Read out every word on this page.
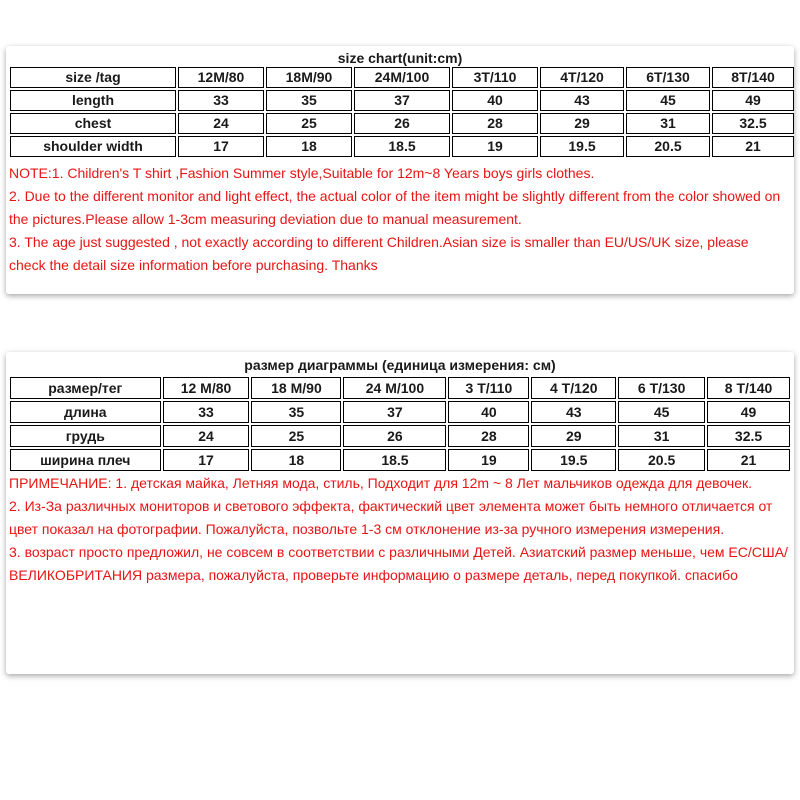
size chart(unit:cm)
size /tag	12M/80	18M/90	24M/100	3T/110	4T/120	6T/130	8T/140
length	33	35	37	40	43	45	49
chest	24	25	26	28	29	31	32.5
shoulder width	17	18	18.5	19	19.5	20.5	21

NOTE:1. Children's T shirt ,Fashion Summer style,Suitable for 12m~8 Years boys girls clothes.

2. Due to the different monitor and light effect, the actual color of the item might be slightly different from the color showed on the pictures.Please allow 1-3cm measuring deviation due to manual measurement.

3. The age just suggested , not exactly according to different Children.Asian size is smaller than EU/US/UK size, please check the detail size information before purchasing. Thanks

размер диаграммы (единица измерения: см)
размер/тег	12 M/80	18 M/90	24 M/100	3 T/110	4 T/120	6 T/130	8 T/140
длина	33	35	37	40	43	45	49
грудь	24	25	26	28	29	31	32.5
ширина плеч	17	18	18.5	19	19.5	20.5	21

ПРИМЕЧАНИЕ: 1. детская майка, Летняя мода, стиль, Подходит для 12m ~ 8 Лет мальчиков одежда для девочек.

2. Из-За различных мониторов и светового эффекта, фактический цвет элемента может быть немного отличается от цвет показал на фотографии. Пожалуйста, позвольте 1-3 см отклонение из-за ручного измерения измерения.

3. возраст просто предложил, не совсем в соответствии с различными Детей. Азиатский размер меньше, чем ЕС/США/ВЕЛИКОБРИТАНИЯ размера, пожалуйста, проверьте информацию о размере деталь, перед покупкой. спасибо
